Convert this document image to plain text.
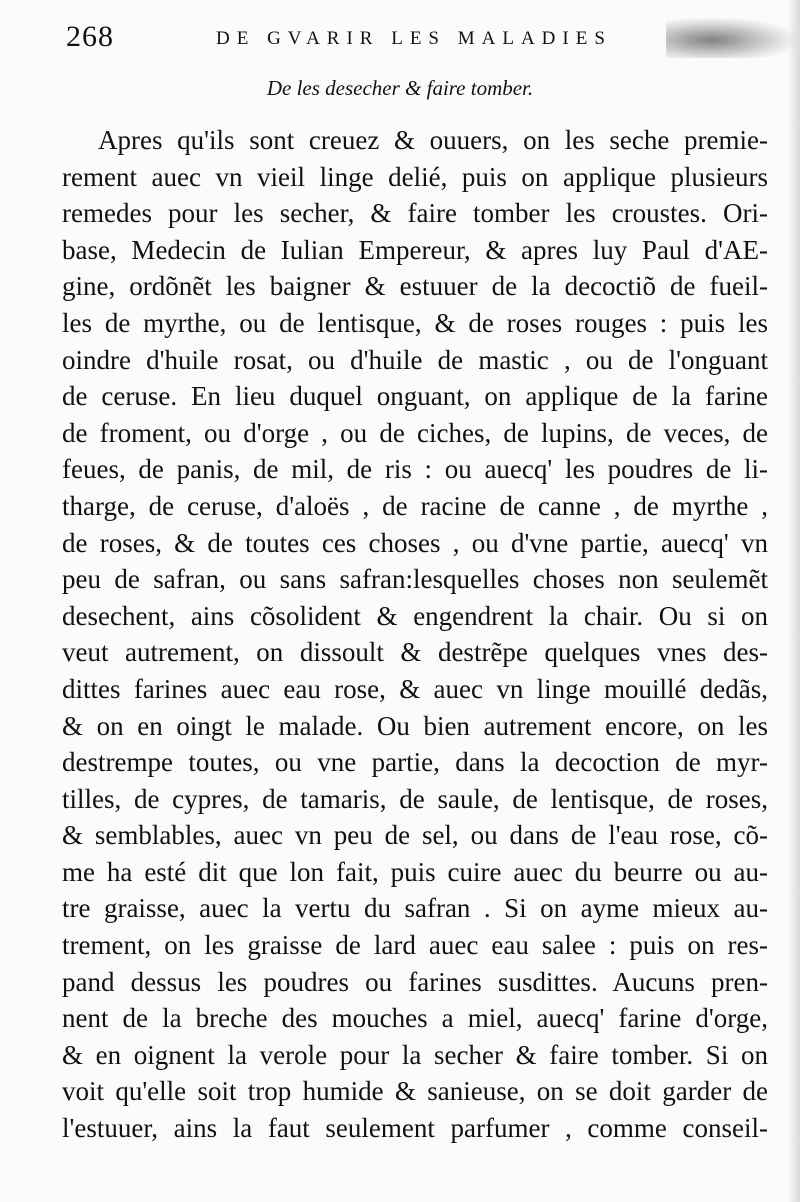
268	DE GVARIR LES MALADIES
De les desecher & faire tomber.
Apres qu'ils sont creuez & ouuers, on les seche premie-
rement auec vn vieil linge delié, puis on applique plusieurs
remedes pour les secher, & faire tomber les croustes. Ori-
base, Medecin de Iulian Empereur, & apres luy Paul d'AE-
gine, ordõnẽt les baigner & estuuer de la decoctiõ de fueil-
les de myrthe, ou de lentisque, & de roses rouges : puis les
oindre d'huile rosat, ou d'huile de mastic , ou de l'onguant
de ceruse. En lieu duquel onguant, on applique de la farine
de froment, ou d'orge , ou de ciches, de lupins, de veces, de
feues, de panis, de mil, de ris : ou auecq' les poudres de li-
tharge, de ceruse, d'aloës , de racine de canne , de myrthe ,
de roses, & de toutes ces choses , ou d'vne partie, auecq' vn
peu de safran, ou sans safran:lesquelles choses non seulemẽt
desechent, ains cõsolident & engendrent la chair. Ou si on
veut autrement, on dissoult & destrẽpe quelques vnes des-
dittes farines auec eau rose, & auec vn linge mouillé dedãs,
& on en oingt le malade. Ou bien autrement encore, on les
destrempe toutes, ou vne partie, dans la decoction de myr-
tilles, de cypres, de tamaris, de saule, de lentisque, de roses,
& semblables, auec vn peu de sel, ou dans de l'eau rose, cõ-
me ha esté dit que lon fait, puis cuire auec du beurre ou au-
tre graisse, auec la vertu du safran . Si on ayme mieux au-
trement, on les graisse de lard auec eau salee : puis on res-
pand dessus les poudres ou farines susdittes. Aucuns pren-
nent de la breche des mouches a miel, auecq' farine d'orge,
& en oignent la verole pour la secher & faire tomber. Si on
voit qu'elle soit trop humide & sanieuse, on se doit garder de
l'estuuer, ains la faut seulement parfumer , comme conseil-
